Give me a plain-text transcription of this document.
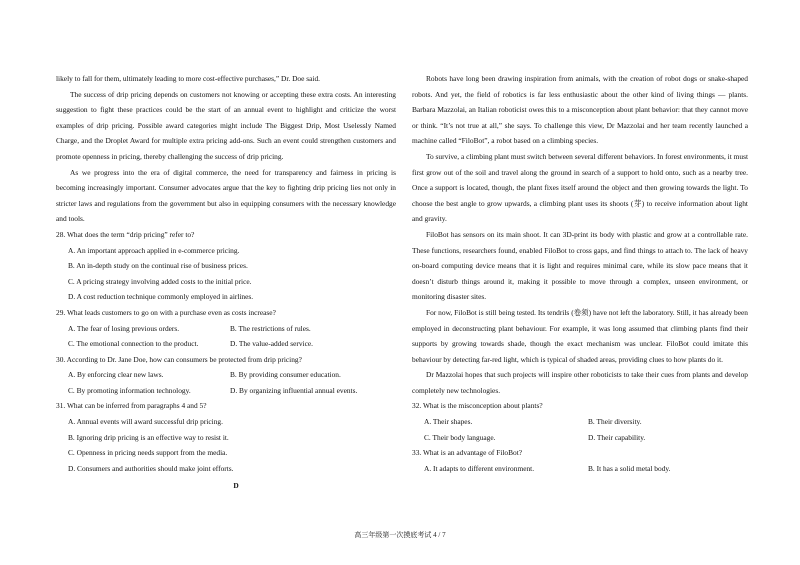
likely to fall for them, ultimately leading to more cost-effective purchases,” Dr. Doe said.

The success of drip pricing depends on customers not knowing or accepting these extra costs. An interesting suggestion to fight these practices could be the start of an annual event to highlight and criticize the worst examples of drip pricing. Possible award categories might include The Biggest Drip, Most Uselessly Named Charge, and the Droplet Award for multiple extra pricing add-ons. Such an event could strengthen customers and promote openness in pricing, thereby challenging the success of drip pricing.

As we progress into the era of digital commerce, the need for transparency and fairness in pricing is becoming increasingly important. Consumer advocates argue that the key to fighting drip pricing lies not only in stricter laws and regulations from the government but also in equipping consumers with the necessary knowledge and tools.

28. What does the term “drip pricing” refer to?
A. An important approach applied in e-commerce pricing.
B. An in-depth study on the continual rise of business prices.
C. A pricing strategy involving added costs to the initial price.
D. A cost reduction technique commonly employed in airlines.
29. What leads customers to go on with a purchase even as costs increase?
A. The fear of losing previous orders.	B. The restrictions of rules.
C. The emotional connection to the product.	D. The value-added service.
30. According to Dr. Jane Doe, how can consumers be protected from drip pricing?
A. By enforcing clear new laws.	B. By providing consumer education.
C. By promoting information technology.	D. By organizing influential annual events.
31. What can be inferred from paragraphs 4 and 5?
A. Annual events will award successful drip pricing.
B. Ignoring drip pricing is an effective way to resist it.
C. Openness in pricing needs support from the media.
D. Consumers and authorities should make joint efforts.
D

Robots have long been drawing inspiration from animals, with the creation of robot dogs or snake-shaped robots. And yet, the field of robotics is far less enthusiastic about the other kind of living things — plants. Barbara Mazzolai, an Italian roboticist owes this to a misconception about plant behavior: that they cannot move or think. “It’s not true at all,” she says. To challenge this view, Dr Mazzolai and her team recently launched a machine called “FiloBot”, a robot based on a climbing species.

To survive, a climbing plant must switch between several different behaviors. In forest environments, it must first grow out of the soil and travel along the ground in search of a support to hold onto, such as a nearby tree. Once a support is located, though, the plant fixes itself around the object and then growing towards the light. To choose the best angle to grow upwards, a climbing plant uses its shoots (芽) to receive information about light and gravity.

FiloBot has sensors on its main shoot. It can 3D-print its body with plastic and grow at a controllable rate. These functions, researchers found, enabled FiloBot to cross gaps, and find things to attach to. The lack of heavy on-board computing device means that it is light and requires minimal care, while its slow pace means that it doesn’t disturb things around it, making it possible to move through a complex, unseen environment, or monitoring disaster sites.

For now, FiloBot is still being tested. Its tendrils (卷须) have not left the laboratory. Still, it has already been employed in deconstructing plant behaviour. For example, it was long assumed that climbing plants find their supports by growing towards shade, though the exact mechanism was unclear. FiloBot could imitate this behaviour by detecting far-red light, which is typical of shaded areas, providing clues to how plants do it.

Dr Mazzolai hopes that such projects will inspire other roboticists to take their cues from plants and develop completely new technologies.

32. What is the misconception about plants?
A. Their shapes.	B. Their diversity.
C. Their body language.	D. Their capability.
33. What is an advantage of FiloBot?
A. It adapts to different environment.	B. It has a solid metal body.
高三年级第一次摸底考试 4 / 7
